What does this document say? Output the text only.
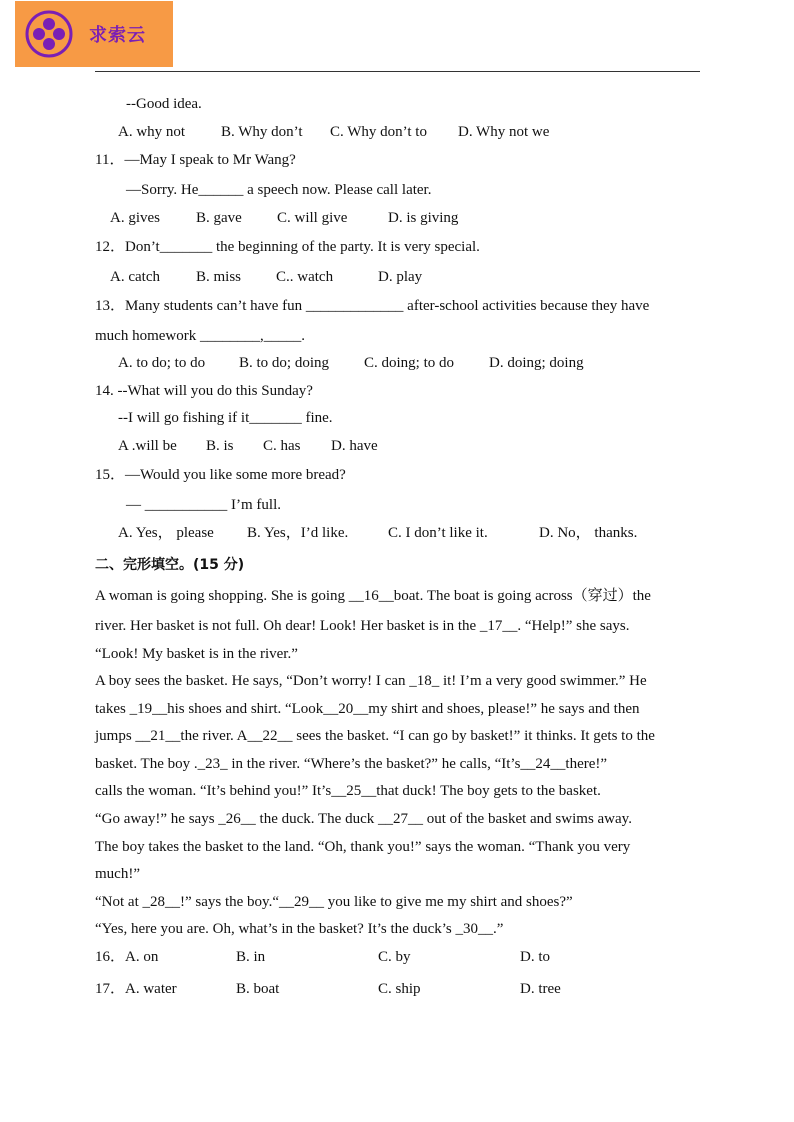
求索云
--Good idea.
A. why not B. Why don’t C. Why don’t to D. Why not we
11．—May I speak to Mr Wang?
—Sorry. He______ a speech now. Please call later.
A. gives B. gave C. will give	D. is giving
12．Don’t_______ the beginning of the party. It is very special.
A. catch B. miss C.. watch	D. play
13．Many students can’t have fun _____________ after-school activities because they have
much homework ________,_____.
A. to do; to do B. to do; doing C. doing; to do D. doing; doing
14. --What will you do this Sunday?
--I will go fishing if it_______ fine.
A .will be B. is C. has D. have
15．—Would you like some more bread?
— ___________ I’m full.
A. Yes， please B. Yes，I’d like.	C. I don’t like it.	D. No， thanks.
二、完形填空。(15 分)
A woman is going shopping. She is going __16__boat. The boat is going across（穿过）the
river. Her basket is not full. Oh dear! Look! Her basket is in the _17__. “Help!” she says.
“Look! My basket is in the river.”
A boy sees the basket. He says, “Don’t worry! I can _18_ it! I’m a very good swimmer.” He
takes _19__his shoes and shirt. “Look__20__my shirt and shoes, please!” he says and then
jumps __21__the river. A__22__ sees the basket. “I can go by basket!” it thinks. It gets to the
basket. The boy ._23_ in the river. “Where’s the basket?” he calls, “It’s__24__there!”
calls the woman. “It’s behind you!” It’s__25__that duck! The boy gets to the basket.
“Go away!” he says _26__ the duck. The duck __27__ out of the basket and swims away.
The boy takes the basket to the land. “Oh, thank you!” says the woman. “Thank you very
much!”
“Not at _28__!” says the boy.“__29__ you like to give me my shirt and shoes?”
“Yes, here you are. Oh, what’s in the basket? It’s the duck’s _30__.”
16．A. on	B. in	C. by	D. to
17．A. water	B. boat	C. ship	D. tree
